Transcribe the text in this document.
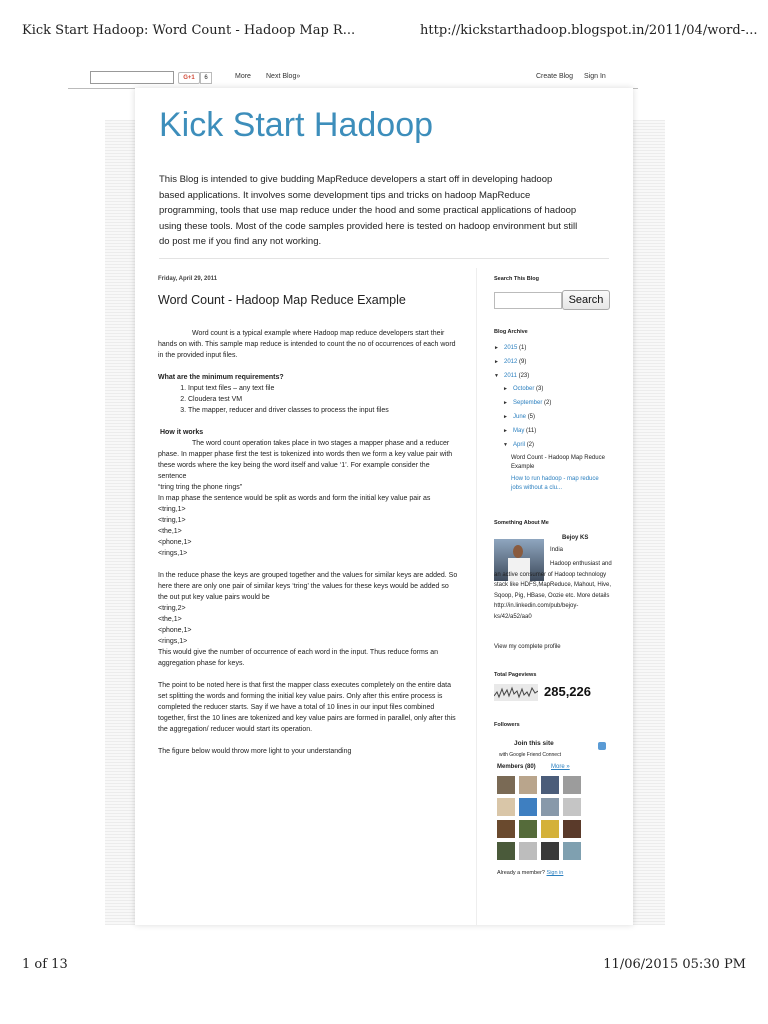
Kick Start Hadoop: Word Count - Hadoop Map R...	http://kickstarthadoop.blogspot.in/2011/04/word-...
G+1	6	More Next Blog»	Create Blog Sign In
Kick Start Hadoop
This Blog is intended to give budding MapReduce developers a start off in developing hadoop based applications. It involves some development tips and tricks on hadoop MapReduce programming, tools that use map reduce under the hood and some practical applications of hadoop using these tools. Most of the code samples provided here is tested on hadoop environment but still do post me if you find any not working.
Friday, April 29, 2011
Word Count - Hadoop Map Reduce Example

Word count is a typical example where Hadoop map reduce developers start their hands on with. This sample map reduce is intended to count the no of occurrences of each word in the provided input files.

What are the minimum requirements?

1. Input text files – any text file
2. Cloudera test VM
3. The mapper, reducer and driver classes to process the input files

How it works

The word count operation takes place in two stages a mapper phase and a reducer phase. In mapper phase first the test is tokenized into words then we form a key value pair with these words where the key being the word itself and value ‘1’. For example consider the sentence

“tring tring the phone rings”

In map phase the sentence would be split as words and form the initial key value pair as

<tring,1>

<tring,1>

<the,1>

<phone,1>

<rings,1>

In the reduce phase the keys are grouped together and the values for similar keys are added. So here there are only one pair of similar keys ‘tring’ the values for these keys would be added so the out put key value pairs would be

<tring,2>

<the,1>

<phone,1>

<rings,1>

This would give the number of occurrence of each word in the input. Thus reduce forms an aggregation phase for keys.

The point to be noted here is that first the mapper class executes completely on the entire data set splitting the words and forming the initial key value pairs. Only after this entire process is completed the reducer starts. Say if we have a total of 10 lines in our input files combined together, first the 10 lines are tokenized and key value pairs are formed in parallel, only after this the aggregation/ reducer would start its operation.

The figure below would throw more light to your understanding

Search This Blog
Search
Blog Archive
► 2015 (1)
► 2012 (9)
▼ 2011 (23)
► October (3)
► September (2)
► June (5)
► May (11)
▼ April (2)
Word Count - Hadoop Map Reduce Example
How to run hadoop - map reduce jobs without a clu...
Something About Me
Bejoy KS
India
Hadoop enthusiast and an active consumer of Hadoop technology stack like HDFS,MapReduce, Mahout, Hive, Sqoop, Pig, HBase, Oozie etc. More details http://in.linkedin.com/pub/bejoy-ks/42/a52/aa0
View my complete profile
Total Pageviews
285,226
Followers
Join this site
with Google Friend Connect
Members (80)	More »
Already a member? Sign in
1 of 13	11/06/2015 05:30 PM
